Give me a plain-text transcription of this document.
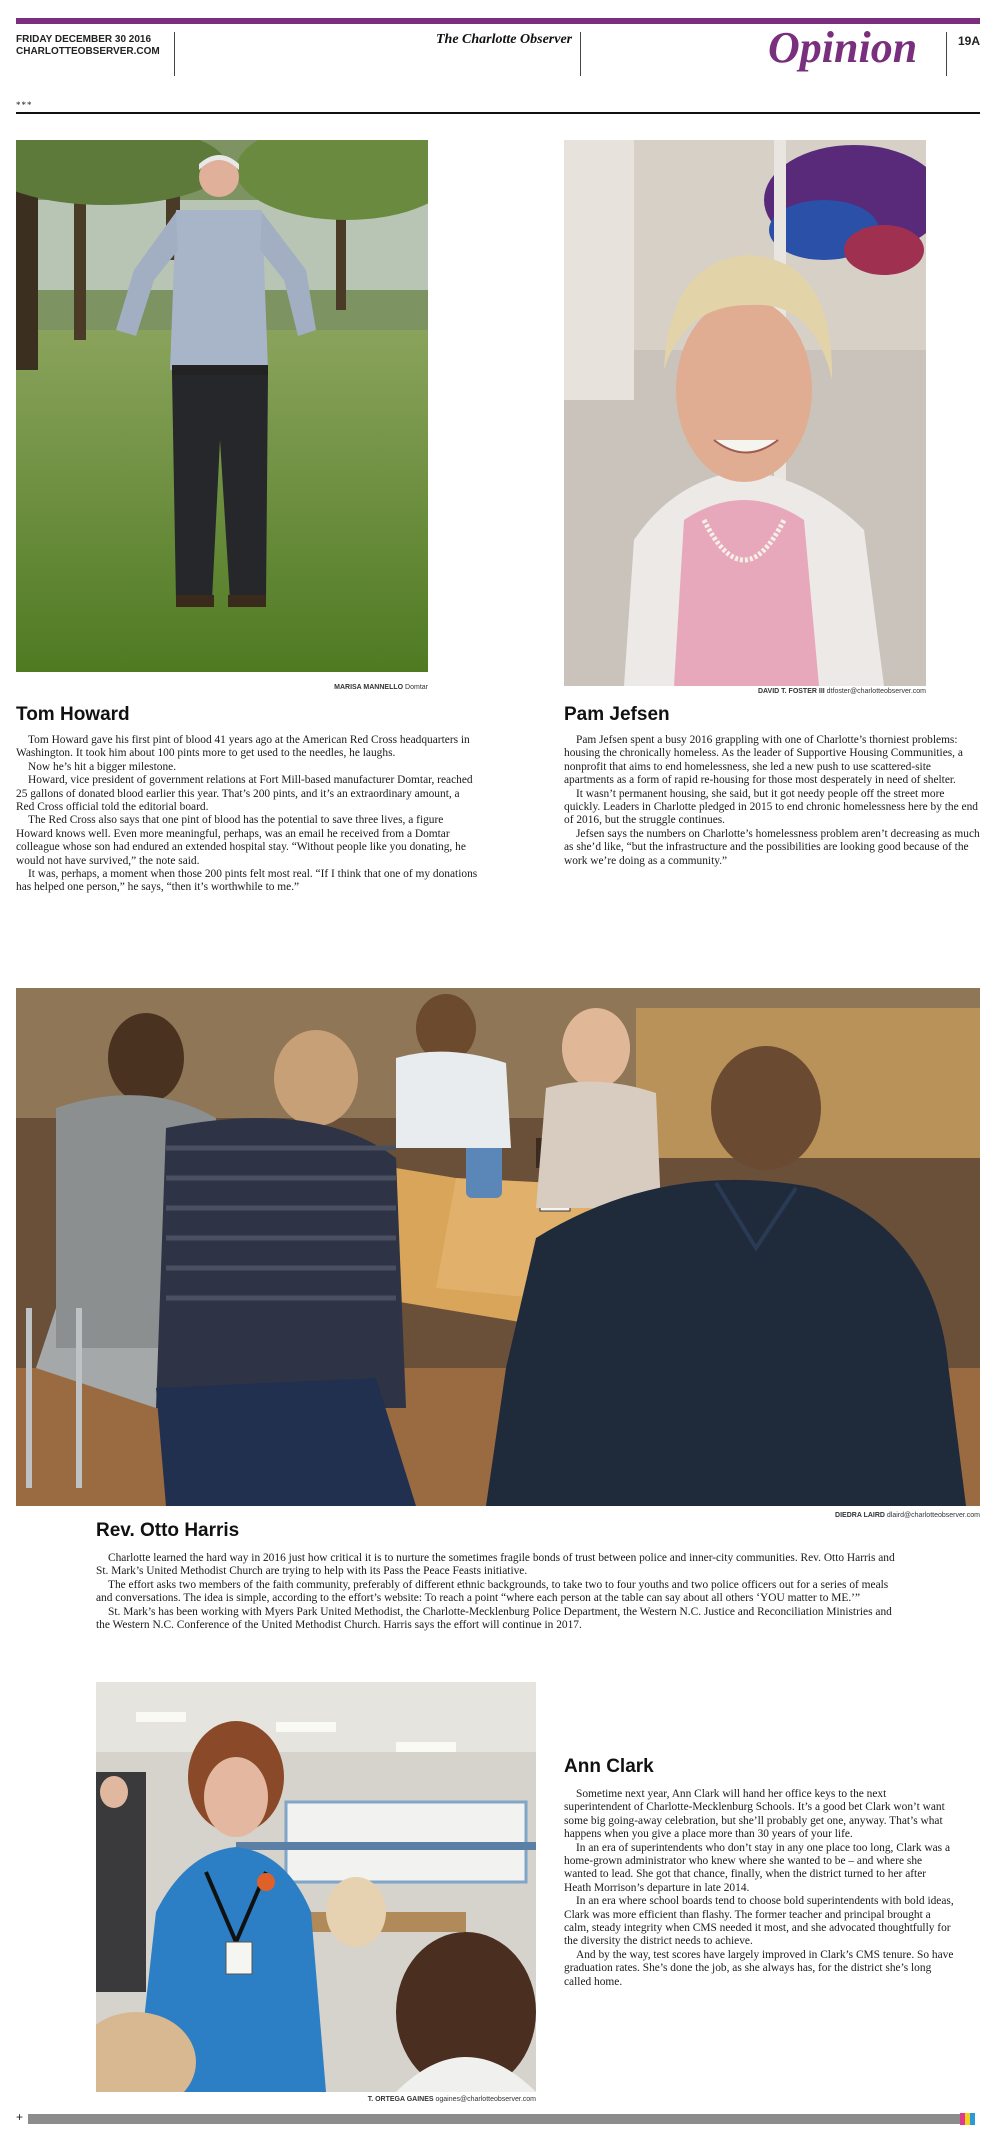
FRIDAY DECEMBER 30 2016
CHARLOTTEOBSERVER.COM
The Charlotte Observer	Opinion	19A
***
MARISA MANNELLO Domtar
Tom Howard

Tom Howard gave his first pint of blood 41 years ago at the American Red Cross headquarters in Washington. It took him about 100 pints more to get used to the needles, he laughs.

Now he’s hit a bigger milestone.

Howard, vice president of government relations at Fort Mill-based manufacturer Domtar, reached 25 gallons of donated blood earlier this year. That’s 200 pints, and it’s an extraordinary amount, a Red Cross official told the editorial board.

The Red Cross also says that one pint of blood has the potential to save three lives, a figure Howard knows well. Even more meaningful, perhaps, was an email he received from a Domtar colleague whose son had endured an extended hospital stay. “Without people like you donating, he would not have survived,” the note said.

It was, perhaps, a moment when those 200 pints felt most real. “If I think that one of my donations has helped one person,” he says, “then it’s worthwhile to me.”

DAVID T. FOSTER III dtfoster@charlotteobserver.com
Pam Jefsen

Pam Jefsen spent a busy 2016 grappling with one of Charlotte’s thorniest problems: housing the chronically homeless. As the leader of Supportive Housing Communities, a nonprofit that aims to end homelessness, she led a new push to use scattered-site apartments as a form of rapid re-housing for those most desperately in need of shelter.

It wasn’t permanent housing, she said, but it got needy people off the street more quickly. Leaders in Charlotte pledged in 2015 to end chronic homelessness here by the end of 2016, but the struggle continues.

Jefsen says the numbers on Charlotte’s homelessness problem aren’t decreasing as much as she’d like, “but the infrastructure and the possibilities are looking good because of the work we’re doing as a community.”

DIEDRA LAIRD dlaird@charlotteobserver.com
Rev. Otto Harris

Charlotte learned the hard way in 2016 just how critical it is to nurture the sometimes fragile bonds of trust between police and inner-city communities. Rev. Otto Harris and St. Mark’s United Methodist Church are trying to help with its Pass the Peace Feasts initiative.

The effort asks two members of the faith community, preferably of different ethnic backgrounds, to take two to four youths and two police officers out for a series of meals and conversations. The idea is simple, according to the effort’s website: To reach a point “where each person at the table can say about all others ‘YOU matter to ME.’”

St. Mark’s has been working with Myers Park United Methodist, the Charlotte-Mecklenburg Police Department, the Western N.C. Justice and Reconciliation Ministries and the Western N.C. Conference of the United Methodist Church. Harris says the effort will continue in 2017.

T. ORTEGA GAINES ogaines@charlotteobserver.com
Ann Clark

Sometime next year, Ann Clark will hand her office keys to the next superintendent of Charlotte-Mecklenburg Schools. It’s a good bet Clark won’t want some big going-away celebration, but she’ll probably get one, anyway. That’s what happens when you give a place more than 30 years of your life.

In an era of superintendents who don’t stay in any one place too long, Clark was a home-grown administrator who knew where she wanted to be – and where she wanted to lead. She got that chance, finally, when the district turned to her after Heath Morrison’s departure in late 2014.

In an era where school boards tend to choose bold superintendents with bold ideas, Clark was more efficient than flashy. The former teacher and principal brought a calm, steady integrity when CMS needed it most, and she advocated thoughtfully for the diversity the district needs to achieve.

And by the way, test scores have largely improved in Clark’s CMS tenure. So have graduation rates. She’s done the job, as she always has, for the district she’s long called home.

+
